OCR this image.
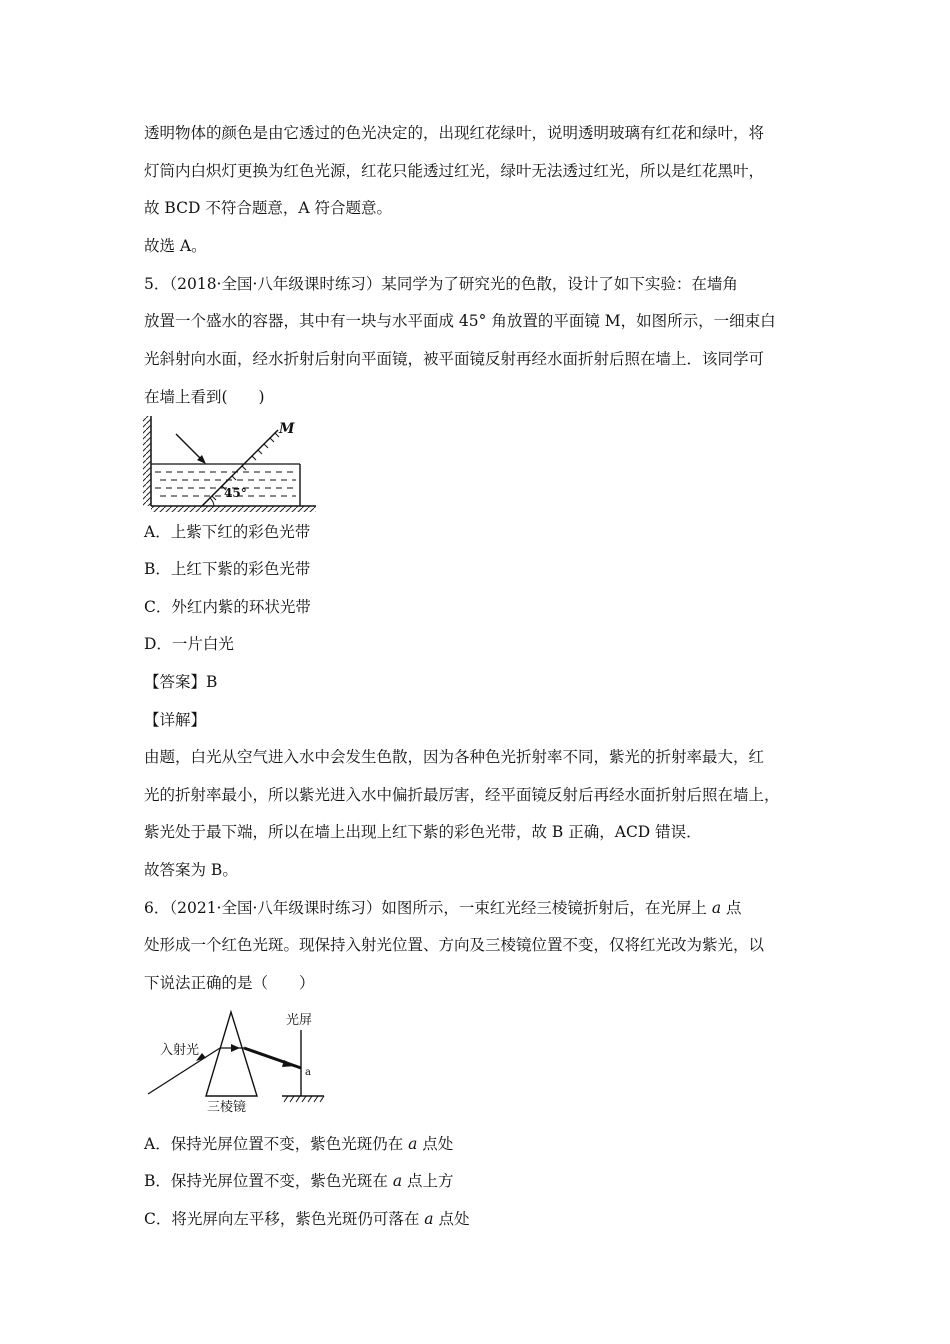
透明物体的颜色是由它透过的色光决定的，出现红花绿叶，说明透明玻璃有红花和绿叶，将
灯筒内白炽灯更换为红色光源，红花只能透过红光，绿叶无法透过红光，所以是红花黑叶，
故 BCD 不符合题意，A 符合题意。
故选 A。
5．（2018·全国·八年级课时练习）某同学为了研究光的色散，设计了如下实验：在墙角
放置一个盛水的容器，其中有一块与水平面成 45° 角放置的平面镜 M，如图所示，一细束白
光斜射向水面，经水折射后射向平面镜，被平面镜反射再经水面折射后照在墙上．该同学可
在墙上看到(　　)
45°
M
A．上紫下红的彩色光带
B．上红下紫的彩色光带
C．外红内紫的环状光带
D．一片白光
【答案】B
【详解】
由题，白光从空气进入水中会发生色散，因为各种色光折射率不同，紫光的折射率最大，红
光的折射率最小，所以紫光进入水中偏折最厉害，经平面镜反射后再经水面折射后照在墙上，
紫光处于最下端，所以在墙上出现上红下紫的彩色光带，故 B 正确，ACD 错误．
故答案为 B。
6．（2021·全国·八年级课时练习）如图所示，一束红光经三棱镜折射后，在光屏上 a 点
处形成一个红色光斑。现保持入射光位置、方向及三棱镜位置不变，仅将红光改为紫光，以
下说法正确的是（　　）
光屏
a
入射光
三棱镜
A．保持光屏位置不变，紫色光斑仍在 a 点处
B．保持光屏位置不变，紫色光斑在 a 点上方
C．将光屏向左平移，紫色光斑仍可落在 a 点处
